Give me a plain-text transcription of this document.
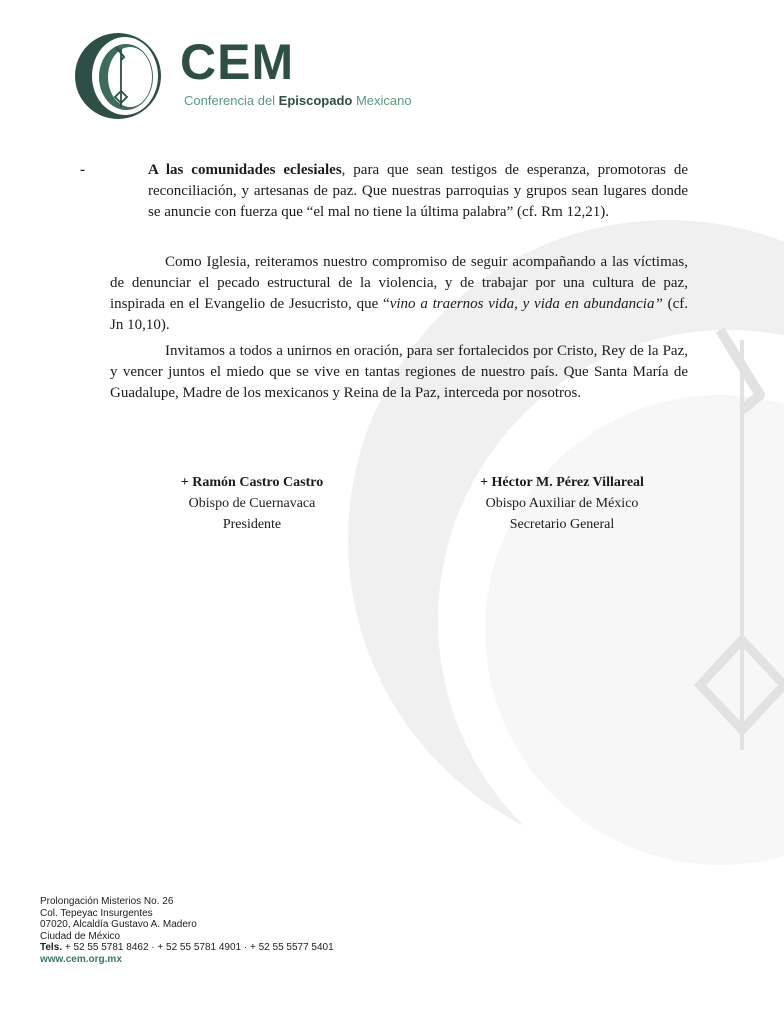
CEM
Conferencia del Episcopado Mexicano
-	A las comunidades eclesiales, para que sean testigos de esperanza, promotoras de reconciliación, y artesanas de paz. Que nuestras parroquias y grupos sean lugares donde se anuncie con fuerza que “el mal no tiene la última palabra” (cf. Rm 12,21).
Como Iglesia, reiteramos nuestro compromiso de seguir acompañando a las víctimas, de denunciar el pecado estructural de la violencia, y de trabajar por una cultura de paz, inspirada en el Evangelio de Jesucristo, que “vino a traernos vida, y vida en abundancia” (cf. Jn 10,10).
Invitamos a todos a unirnos en oración, para ser fortalecidos por Cristo, Rey de la Paz, y vencer juntos el miedo que se vive en tantas regiones de nuestro país. Que Santa María de Guadalupe, Madre de los mexicanos y Reina de la Paz, interceda por nosotros.
+ Ramón Castro Castro
Obispo de Cuernavaca
Presidente
+ Héctor M. Pérez Villareal
Obispo Auxiliar de México
Secretario General
Prolongación Misterios No. 26
Col. Tepeyac Insurgentes
07020, Alcaldía Gustavo A. Madero
Ciudad de México
Tels. + 52 55 5781 8462 · + 52 55 5781 4901 · + 52 55 5577 5401
www.cem.org.mx
